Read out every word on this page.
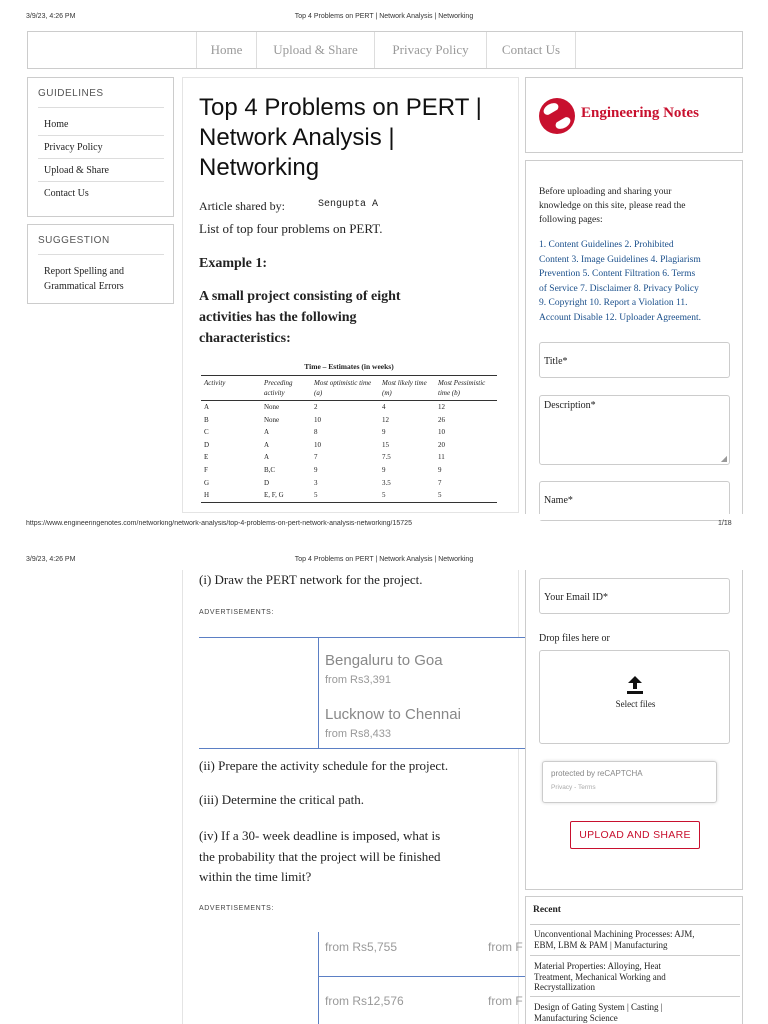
3/9/23, 4:26 PM	Top 4 Problems on PERT | Network Analysis | Networking
Home	Upload & Share	Privacy Policy	Contact Us
GUIDELINES
Home
Privacy Policy
Upload & Share
Contact Us
SUGGESTION
Report Spelling and
Grammatical Errors
Top 4 Problems on PERT |
Network Analysis |
Networking
Article shared by:	Sengupta A
List of top four problems on PERT.
Example 1:
A small project consisting of eight
activities has the following
characteristics:
Time – Estimates (in weeks)
Activity	Preceding activity	Most optimistic time (a)	Most likely time (m)	Most Pessimistic time (b)
A	None	2	4	12
B	None	10	12	26
C	A	8	9	10
D	A	10	15	20
E	A	7	7.5	11
F	B,C	9	9	9
G	D	3	3.5	7
H	E, F, G	5	5	5
Engineering Notes
Before uploading and sharing your
knowledge on this site, please read the
following pages:
1. Content Guidelines 2. Prohibited
Content 3. Image Guidelines 4. Plagiarism
Prevention 5. Content Filtration 6. Terms
of Service 7. Disclaimer 8. Privacy Policy
9. Copyright 10. Report a Violation 11.
Account Disable 12. Uploader Agreement.
Title*
Description*
◢
Name*
https://www.engineeringenotes.com/networking/network-analysis/top-4-problems-on-pert-network-analysis-networking/15725	1/18
3/9/23, 4:26 PM	Top 4 Problems on PERT | Network Analysis | Networking
(i) Draw the PERT network for the project.
ADVERTISEMENTS:
Bengaluru to Goa
from Rs3,391
Lucknow to Chennai
from Rs8,433
(ii) Prepare the activity schedule for the project.
(iii) Determine the critical path.
(iv) If a 30- week deadline is imposed, what is
the probability that the project will be finished
within the time limit?
ADVERTISEMENTS:
from Rs5,755	from F
from Rs12,576	from F
Your Email ID*
Drop files here or
Select files
protected by reCAPTCHA
Privacy - Terms
UPLOAD AND SHARE
Recent
Unconventional Machining Processes: AJM,
EBM, LBM & PAM | Manufacturing
Material Properties: Alloying, Heat
Treatment, Mechanical Working and
Recrystallization
Design of Gating System | Casting |
Manufacturing Science
